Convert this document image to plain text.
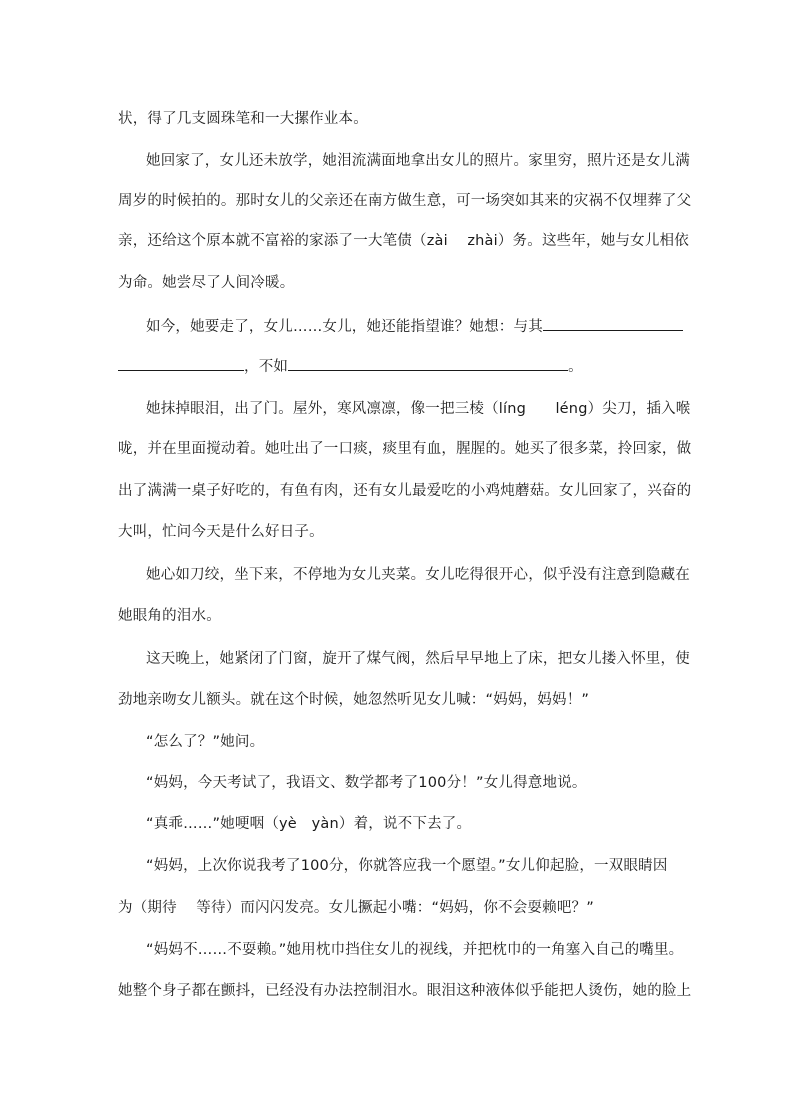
状，得了几支圆珠笔和一大摞作业本。
她回家了，女儿还未放学，她泪流满面地拿出女儿的照片。家里穷，照片还是女儿满
周岁的时候拍的。那时女儿的父亲还在南方做生意，可一场突如其来的灾祸不仅埋葬了父
亲，还给这个原本就不富裕的家添了一大笔债（zài　 zhài）务。这些年，她与女儿相依
为命。她尝尽了人间冷暖。
如今，她要走了，女儿……女儿，她还能指望谁？她想：与其
，不如	。
她抹掉眼泪，出了门。屋外，寒风凛凛，像一把三棱（líng　　léng）尖刀，插入喉
咙，并在里面搅动着。她吐出了一口痰，痰里有血，腥腥的。她买了很多菜，拎回家，做
出了满满一桌子好吃的，有鱼有肉，还有女儿最爱吃的小鸡炖蘑菇。女儿回家了，兴奋的
大叫，忙问今天是什么好日子。
她心如刀绞，坐下来，不停地为女儿夹菜。女儿吃得很开心，似乎没有注意到隐藏在
她眼角的泪水。
这天晚上，她紧闭了门窗，旋开了煤气阀，然后早早地上了床，把女儿搂入怀里，使
劲地亲吻女儿额头。就在这个时候，她忽然听见女儿喊：“妈妈，妈妈！”
“怎么了？”她问。
“妈妈，今天考试了，我语文、数学都考了100分！”女儿得意地说。
“真乖……”她哽咽（yè　yàn）着，说不下去了。
“妈妈，上次你说我考了100分，你就答应我一个愿望。”女儿仰起脸，一双眼睛因
为（期待　 等待）而闪闪发亮。女儿撅起小嘴：“妈妈，你不会耍赖吧？”
“妈妈不……不耍赖。”她用枕巾挡住女儿的视线，并把枕巾的一角塞入自己的嘴里。
她整个身子都在颤抖，已经没有办法控制泪水。眼泪这种液体似乎能把人烫伤，她的脸上
